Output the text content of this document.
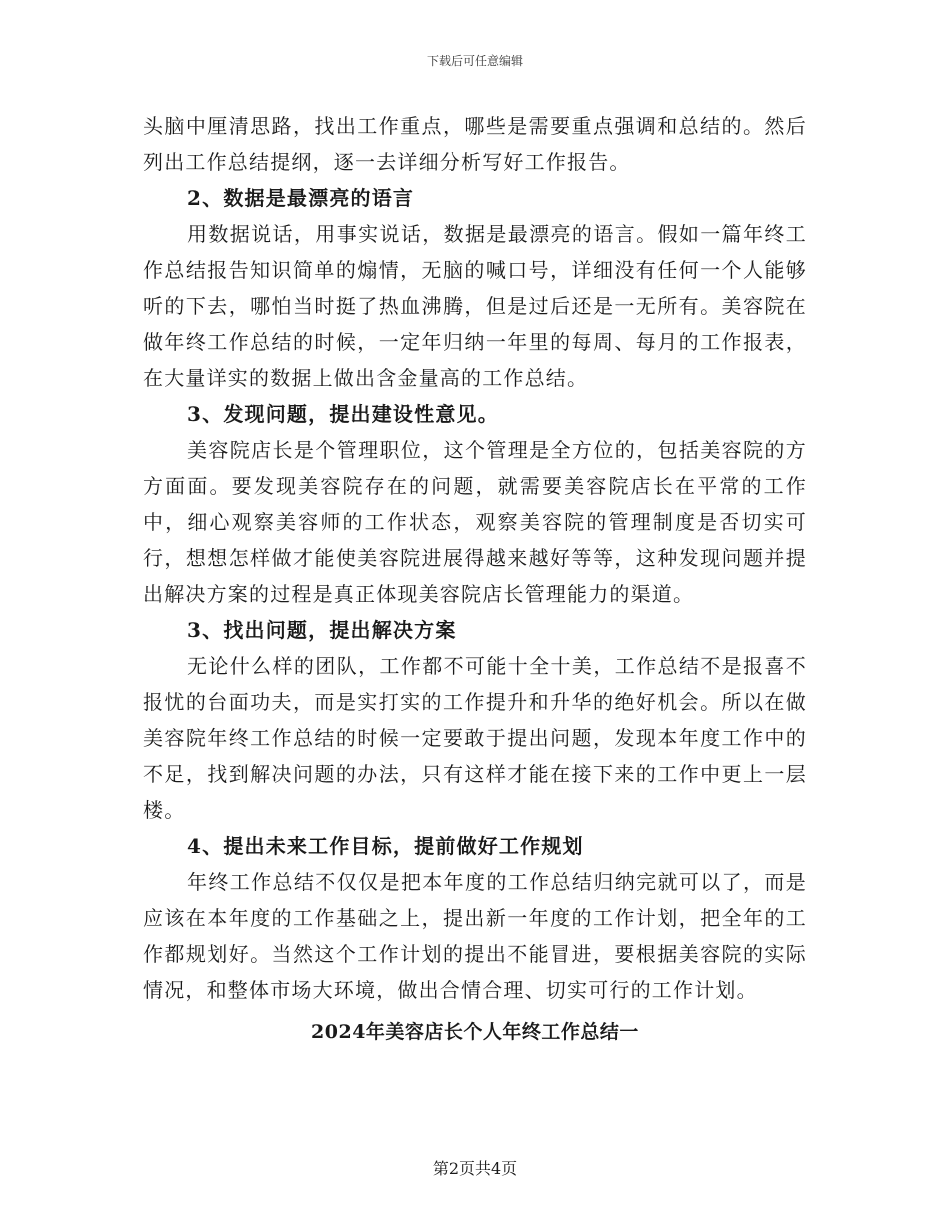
下载后可任意编辑

头脑中厘清思路，找出工作重点，哪些是需要重点强调和总结的。然后列出工作总结提纲，逐一去详细分析写好工作报告。

2、数据是最漂亮的语言

用数据说话，用事实说话，数据是最漂亮的语言。假如一篇年终工作总结报告知识简单的煽情，无脑的喊口号，详细没有任何一个人能够听的下去，哪怕当时挺了热血沸腾，但是过后还是一无所有。美容院在做年终工作总结的时候，一定年归纳一年里的每周、每月的工作报表，在大量详实的数据上做出含金量高的工作总结。

3、发现问题，提出建设性意见。

美容院店长是个管理职位，这个管理是全方位的，包括美容院的方方面面。要发现美容院存在的问题，就需要美容院店长在平常的工作中，细心观察美容师的工作状态，观察美容院的管理制度是否切实可行，想想怎样做才能使美容院进展得越来越好等等，这种发现问题并提出解决方案的过程是真正体现美容院店长管理能力的渠道。

3、找出问题，提出解决方案

无论什么样的团队，工作都不可能十全十美，工作总结不是报喜不报忧的台面功夫，而是实打实的工作提升和升华的绝好机会。所以在做美容院年终工作总结的时候一定要敢于提出问题，发现本年度工作中的不足，找到解决问题的办法，只有这样才能在接下来的工作中更上一层楼。

4、提出未来工作目标，提前做好工作规划

年终工作总结不仅仅是把本年度的工作总结归纳完就可以了，而是应该在本年度的工作基础之上，提出新一年度的工作计划，把全年的工作都规划好。当然这个工作计划的提出不能冒进，要根据美容院的实际情况，和整体市场大环境，做出合情合理、切实可行的工作计划。

2024年美容店长个人年终工作总结一

第2页共4页
